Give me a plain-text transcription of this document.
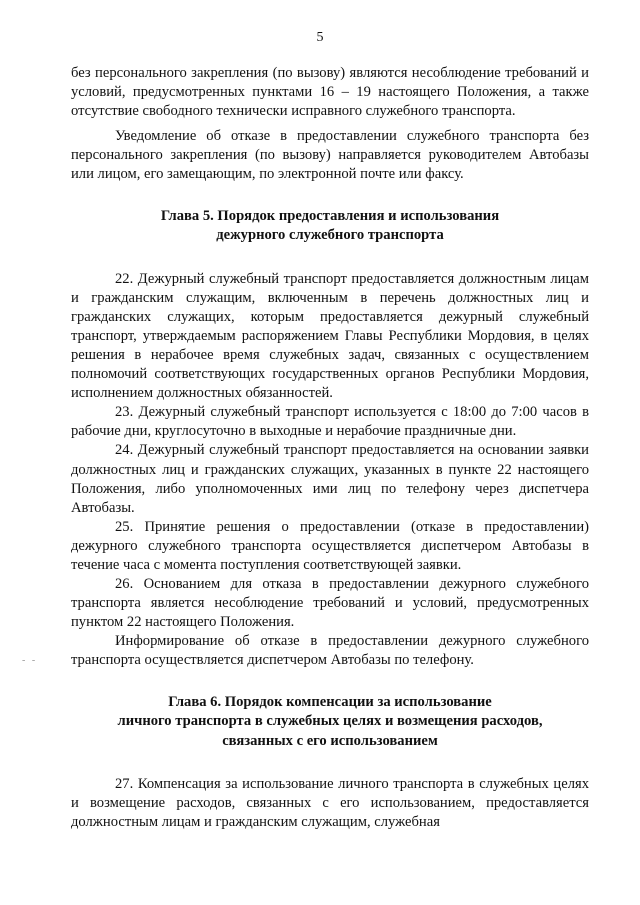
5

без персонального закрепления (по вызову) являются несоблюдение требований и условий, предусмотренных пунктами 16 – 19 настоящего Положения, а также отсутствие свободного технически исправного служебного транспорта.

Уведомление об отказе в предоставлении служебного транспорта без персонального закрепления (по вызову) направляется руководителем Автобазы или лицом, его замещающим, по электронной почте или факсу.

Глава 5. Порядок предоставления и использования
дежурного служебного транспорта

22. Дежурный служебный транспорт предоставляется должностным лицам и гражданским служащим, включенным в перечень должностных лиц и гражданских служащих, которым предоставляется дежурный служебный транспорт, утверждаемым распоряжением Главы Республики Мордовия, в целях решения в нерабочее время служебных задач, связанных с осуществлением полномочий соответствующих государственных органов Республики Мордовия, исполнением должностных обязанностей.

23. Дежурный служебный транспорт используется с 18:00 до 7:00 часов в рабочие дни, круглосуточно в выходные и нерабочие праздничные дни.

24. Дежурный служебный транспорт предоставляется на основании заявки должностных лиц и гражданских служащих, указанных в пункте 22 настоящего Положения, либо уполномоченных ими лиц по телефону через диспетчера Автобазы.

25. Принятие решения о предоставлении (отказе в предоставлении) дежурного служебного транспорта осуществляется диспетчером Автобазы в течение часа с момента поступления соответствующей заявки.

26. Основанием для отказа в предоставлении дежурного служебного транспорта является несоблюдение требований и условий, предусмотренных пунктом 22 настоящего Положения.

Информирование об отказе в предоставлении дежурного служебного транспорта осуществляется диспетчером Автобазы по телефону.

Глава 6. Порядок компенсации за использование
личного транспорта в служебных целях и возмещения расходов,
связанных с его использованием

27. Компенсация за использование личного транспорта в служебных целях и возмещение расходов, связанных с его использованием, предоставляется должностным лицам и гражданским служащим, служебная

- -
